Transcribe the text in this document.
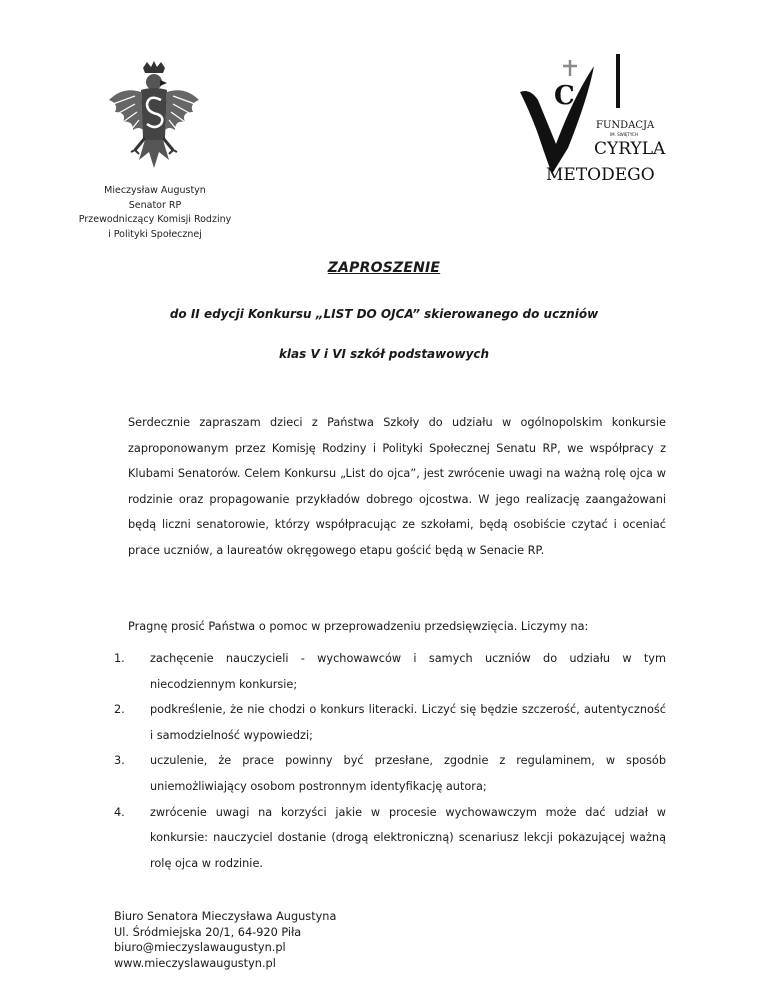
Mieczysław Augustyn
Senator RP
Przewodniczący Komisji Rodziny
i Polityki Społecznej
C
FUNDACJA
IM. ŚWIĘTYCH
CYRYLA
METODEGO
ZAPROSZENIE
do II edycji Konkursu „LIST DO OJCA” skierowanego do uczniów
klas V i VI szkół podstawowych
Serdecznie zapraszam dzieci z Państwa Szkoły do udziału w ogólnopolskim konkursie zaproponowanym przez Komisję Rodziny i Polityki Społecznej Senatu RP, we współpracy z Klubami Senatorów. Celem Konkursu „List do ojca”, jest zwrócenie uwagi na ważną rolę ojca w rodzinie oraz propagowanie przykładów dobrego ojcostwa. W jego realizację zaangażowani będą liczni senatorowie, którzy współpracując ze szkołami, będą osobiście czytać i oceniać prace uczniów, a laureatów okręgowego etapu gościć będą w Senacie RP.
Pragnę prosić Państwa o pomoc w przeprowadzeniu przedsięwzięcia. Liczymy na:
1. zachęcenie nauczycieli - wychowawców i samych uczniów do udziału w tym niecodziennym konkursie;
2. podkreślenie, że nie chodzi o konkurs literacki. Liczyć się będzie szczerość, autentyczność i samodzielność wypowiedzi;
3. uczulenie, że prace powinny być przesłane, zgodnie z regulaminem, w sposób uniemożliwiający osobom postronnym identyfikację autora;
4. zwrócenie uwagi na korzyści jakie w procesie wychowawczym może dać udział w konkursie: nauczyciel dostanie (drogą elektroniczną) scenariusz lekcji pokazującej ważną rolę ojca w rodzinie.
Biuro Senatora Mieczysława Augustyna
Ul. Śródmiejska 20/1, 64-920 Piła
biuro@mieczyslawaugustyn.pl
www.mieczyslawaugustyn.pl
